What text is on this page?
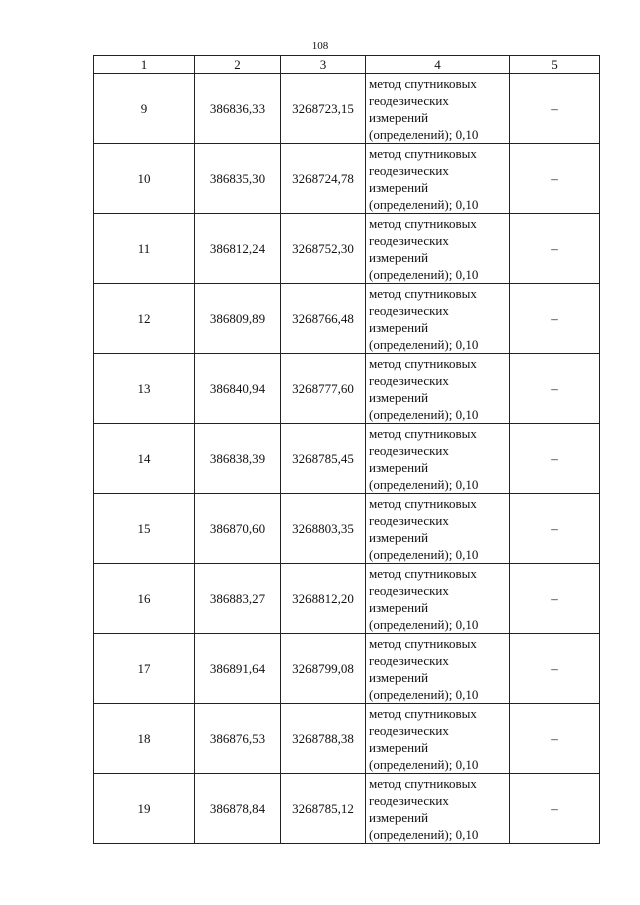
108
1	2	3	4	5
9	386836,33	3268723,15	метод спутниковых
геодезических
измерений
(определений); 0,10	–
10	386835,30	3268724,78	метод спутниковых
геодезических
измерений
(определений); 0,10	–
11	386812,24	3268752,30	метод спутниковых
геодезических
измерений
(определений); 0,10	–
12	386809,89	3268766,48	метод спутниковых
геодезических
измерений
(определений); 0,10	–
13	386840,94	3268777,60	метод спутниковых
геодезических
измерений
(определений); 0,10	–
14	386838,39	3268785,45	метод спутниковых
геодезических
измерений
(определений); 0,10	–
15	386870,60	3268803,35	метод спутниковых
геодезических
измерений
(определений); 0,10	–
16	386883,27	3268812,20	метод спутниковых
геодезических
измерений
(определений); 0,10	–
17	386891,64	3268799,08	метод спутниковых
геодезических
измерений
(определений); 0,10	–
18	386876,53	3268788,38	метод спутниковых
геодезических
измерений
(определений); 0,10	–
19	386878,84	3268785,12	метод спутниковых
геодезических
измерений
(определений); 0,10	–
